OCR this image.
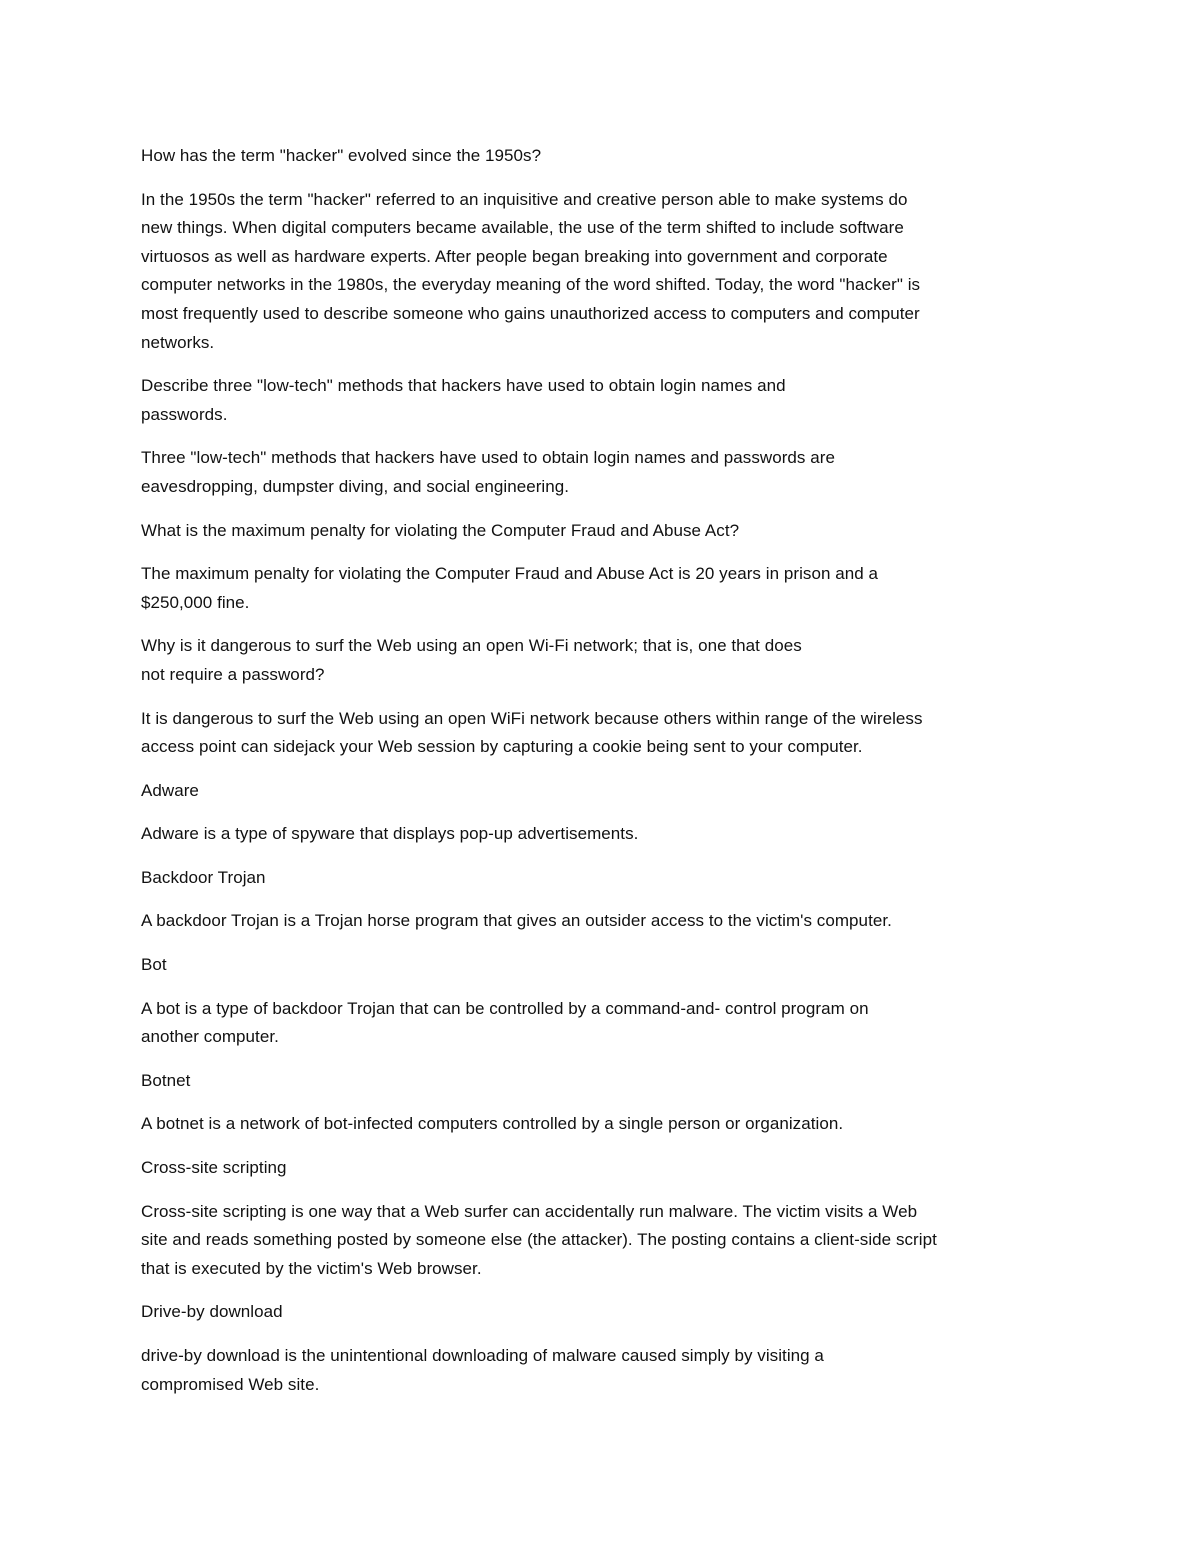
How has the term "hacker" evolved since the 1950s?

In the 1950s the term "hacker" referred to an inquisitive and creative person able to make systems do
new things. When digital computers became available, the use of the term shifted to include software
virtuosos as well as hardware experts. After people began breaking into government and corporate
computer networks in the 1980s, the everyday meaning of the word shifted. Today, the word "hacker" is
most frequently used to describe someone who gains unauthorized access to computers and computer
networks.

Describe three "low-tech" methods that hackers have used to obtain login names and
passwords.

Three "low-tech" methods that hackers have used to obtain login names and passwords are
eavesdropping, dumpster diving, and social engineering.

What is the maximum penalty for violating the Computer Fraud and Abuse Act?

The maximum penalty for violating the Computer Fraud and Abuse Act is 20 years in prison and a
$250,000 fine.

Why is it dangerous to surf the Web using an open Wi-Fi network; that is, one that does
not require a password?

It is dangerous to surf the Web using an open WiFi network because others within range of the wireless
access point can sidejack your Web session by capturing a cookie being sent to your computer.

Adware

Adware is a type of spyware that displays pop-up advertisements.

Backdoor Trojan

A backdoor Trojan is a Trojan horse program that gives an outsider access to the victim's computer.

Bot

A bot is a type of backdoor Trojan that can be controlled by a command-and- control program on
another computer.

Botnet

A botnet is a network of bot-infected computers controlled by a single person or organization.

Cross-site scripting

Cross-site scripting is one way that a Web surfer can accidentally run malware. The victim visits a Web
site and reads something posted by someone else (the attacker). The posting contains a client-side script
that is executed by the victim's Web browser.

Drive-by download

drive-by download is the unintentional downloading of malware caused simply by visiting a
compromised Web site.
